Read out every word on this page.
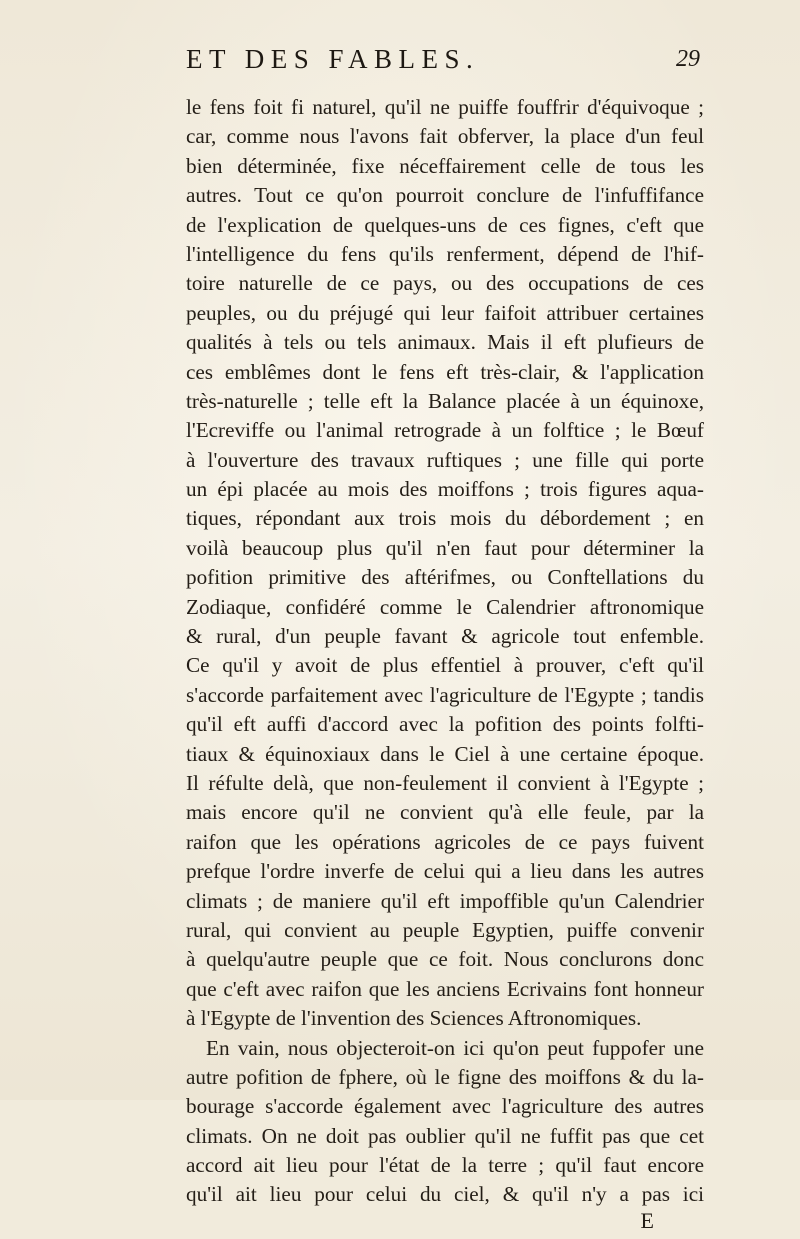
ET DES FABLES.	29
le fens foit fi naturel, qu'il ne puiffe fouffrir d'équivoque ;
car, comme nous l'avons fait obferver, la place d'un feul
bien déterminée, fixe néceffairement celle de tous les
autres. Tout ce qu'on pourroit conclure de l'infuffifance
de l'explication de quelques-uns de ces fignes, c'eft que
l'intelligence du fens qu'ils renferment, dépend de l'hif-
toire naturelle de ce pays, ou des occupations de ces
peuples, ou du préjugé qui leur faifoit attribuer certaines
qualités à tels ou tels animaux. Mais il eft plufieurs de
ces emblêmes dont le fens eft très-clair, & l'application
très-naturelle ; telle eft la Balance placée à un équinoxe,
l'Ecreviffe ou l'animal retrograde à un folftice ; le Bœuf
à l'ouverture des travaux ruftiques ; une fille qui porte
un épi placée au mois des moiffons ; trois figures aqua-
tiques, répondant aux trois mois du débordement ; en
voilà beaucoup plus qu'il n'en faut pour déterminer la
pofition primitive des aftérifmes, ou Conftellations du
Zodiaque, confidéré comme le Calendrier aftronomique
& rural, d'un peuple favant & agricole tout enfemble.
Ce qu'il y avoit de plus effentiel à prouver, c'eft qu'il
s'accorde parfaitement avec l'agriculture de l'Egypte ; tandis
qu'il eft auffi d'accord avec la pofition des points folfti-
tiaux & équinoxiaux dans le Ciel à une certaine époque.
Il réfulte delà, que non-feulement il convient à l'Egypte ;
mais encore qu'il ne convient qu'à elle feule, par la
raifon que les opérations agricoles de ce pays fuivent
prefque l'ordre inverfe de celui qui a lieu dans les autres
climats ; de maniere qu'il eft impoffible qu'un Calendrier
rural, qui convient au peuple Egyptien, puiffe convenir
à quelqu'autre peuple que ce foit. Nous conclurons donc
que c'eft avec raifon que les anciens Ecrivains font honneur
à l'Egypte de l'invention des Sciences Aftronomiques.
En vain, nous objecteroit-on ici qu'on peut fuppofer une
autre pofition de fphere, où le figne des moiffons & du la-
bourage s'accorde également avec l'agriculture des autres
climats. On ne doit pas oublier qu'il ne fuffit pas que cet
accord ait lieu pour l'état de la terre ; qu'il faut encore
qu'il ait lieu pour celui du ciel, & qu'il n'y a pas ici
E
